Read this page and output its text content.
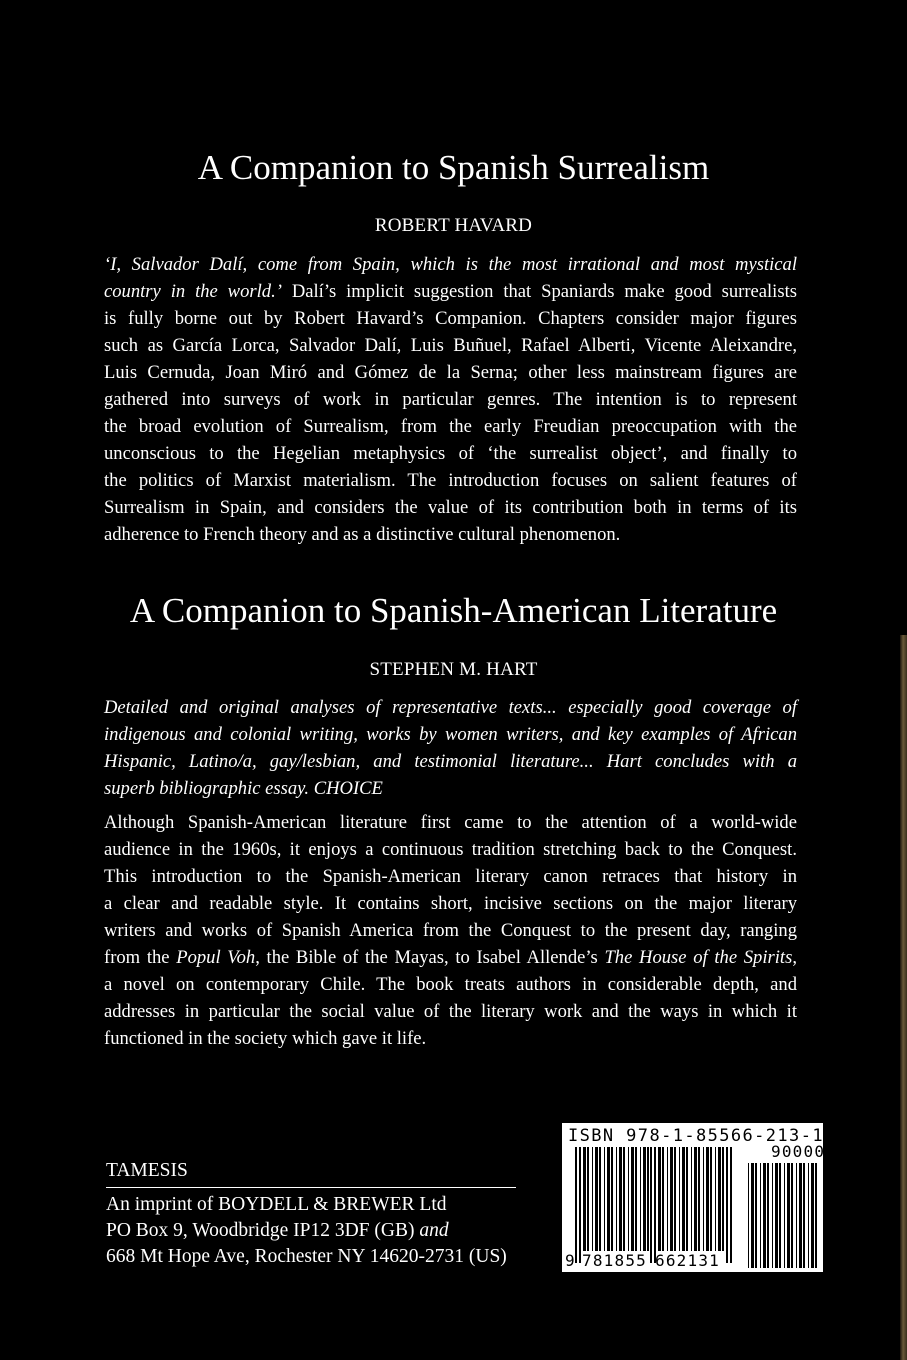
A Companion to Spanish Surrealism
ROBERT HAVARD
‘I, Salvador Dalí, come from Spain, which is the most irrational and most mystical
country in the world.’ Dalí’s implicit suggestion that Spaniards make good surrealists
is fully borne out by Robert Havard’s Companion. Chapters consider major figures
such as García Lorca, Salvador Dalí, Luis Buñuel, Rafael Alberti, Vicente Aleixandre,
Luis Cernuda, Joan Miró and Gómez de la Serna; other less mainstream figures are
gathered into surveys of work in particular genres. The intention is to represent
the broad evolution of Surrealism, from the early Freudian preoccupation with the
unconscious to the Hegelian metaphysics of ‘the surrealist object’, and finally to
the politics of Marxist materialism. The introduction focuses on salient features of
Surrealism in Spain, and considers the value of its contribution both in terms of its
adherence to French theory and as a distinctive cultural phenomenon.
A Companion to Spanish-American Literature
STEPHEN M. HART
Detailed and original analyses of representative texts... especially good coverage of
indigenous and colonial writing, works by women writers, and key examples of African
Hispanic, Latino/a, gay/lesbian, and testimonial literature... Hart concludes with a
superb bibliographic essay. CHOICE
Although Spanish-American literature first came to the attention of a world-wide
audience in the 1960s, it enjoys a continuous tradition stretching back to the Conquest.
This introduction to the Spanish-American literary canon retraces that history in
a clear and readable style. It contains short, incisive sections on the major literary
writers and works of Spanish America from the Conquest to the present day, ranging
from the Popul Voh, the Bible of the Mayas, to Isabel Allende’s The House of the Spirits,
a novel on contemporary Chile. The book treats authors in considerable depth, and
addresses in particular the social value of the literary work and the ways in which it
functioned in the society which gave it life.
TAMESIS
An imprint of BOYDELL & BREWER Ltd
PO Box 9, Woodbridge IP12 3DF (GB) and
668 Mt Hope Ave, Rochester NY 14620-2731 (US)
ISBN 978-1-85566-213-1
9 781855 662131
90000
